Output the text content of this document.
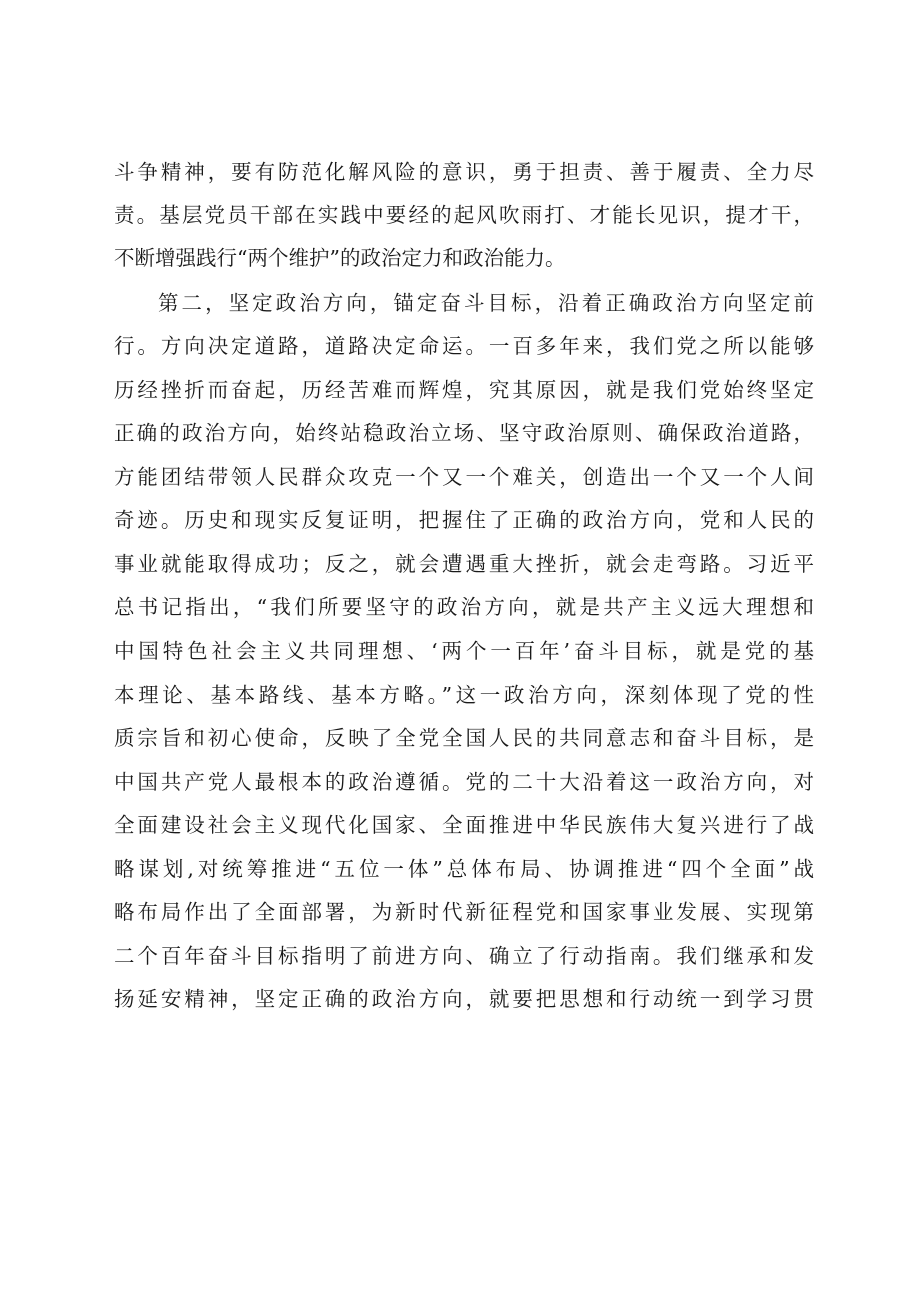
斗争精神，要有防范化解风险的意识，勇于担责、善于履责、全力尽
责。基层党员干部在实践中要经的起风吹雨打、才能长见识，提才干，
不断增强践行“两个维护”的政治定力和政治能力。
第二，坚定政治方向，锚定奋斗目标，沿着正确政治方向坚定前
行。方向决定道路，道路决定命运。一百多年来，我们党之所以能够
历经挫折而奋起，历经苦难而辉煌，究其原因，就是我们党始终坚定
正确的政治方向，始终站稳政治立场、坚守政治原则、确保政治道路，
方能团结带领人民群众攻克一个又一个难关，创造出一个又一个人间
奇迹。历史和现实反复证明，把握住了正确的政治方向，党和人民的
事业就能取得成功；反之，就会遭遇重大挫折，就会走弯路。习近平
总书记指出，“我们所要坚守的政治方向，就是共产主义远大理想和
中国特色社会主义共同理想、‘两个一百年’奋斗目标，就是党的基
本理论、基本路线、基本方略。”这一政治方向，深刻体现了党的性
质宗旨和初心使命，反映了全党全国人民的共同意志和奋斗目标，是
中国共产党人最根本的政治遵循。党的二十大沿着这一政治方向，对
全面建设社会主义现代化国家、全面推进中华民族伟大复兴进行了战
略谋划,对统筹推进“五位一体”总体布局、协调推进“四个全面”战
略布局作出了全面部署，为新时代新征程党和国家事业发展、实现第
二个百年奋斗目标指明了前进方向、确立了行动指南。我们继承和发
扬延安精神，坚定正确的政治方向，就要把思想和行动统一到学习贯
